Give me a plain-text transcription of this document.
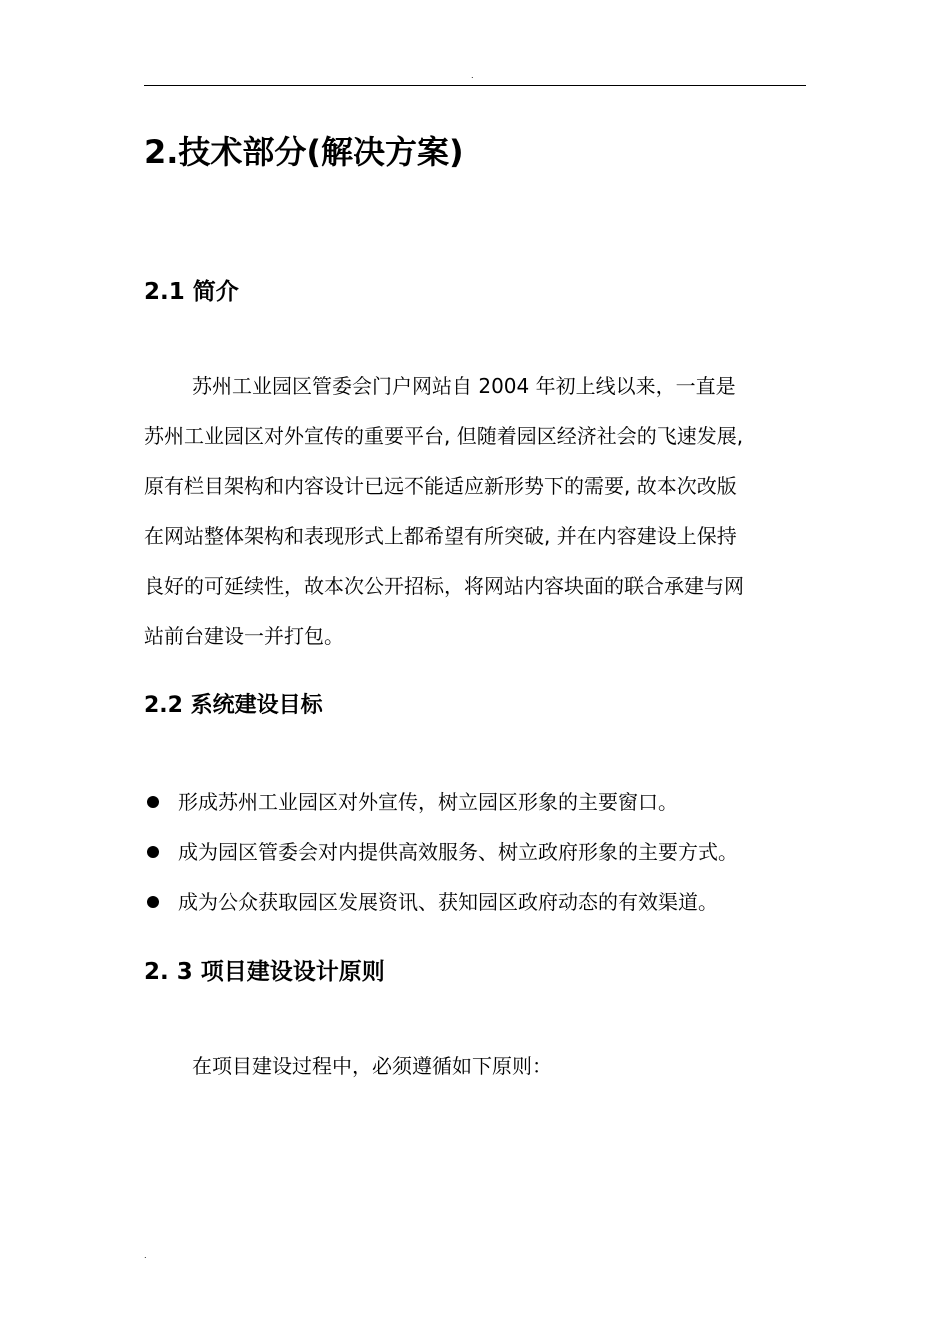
.
2.技术部分(解决方案)
2.1 简介
苏州工业园区管委会门户网站自 2004 年初上线以来，一直是
苏州工业园区对外宣传的重要平台, 但随着园区经济社会的飞速发展,
原有栏目架构和内容设计已远不能适应新形势下的需要, 故本次改版
在网站整体架构和表现形式上都希望有所突破, 并在内容建设上保持
良好的可延续性，故本次公开招标，将网站内容块面的联合承建与网
站前台建设一并打包。
2.2 系统建设目标
形成苏州工业园区对外宣传，树立园区形象的主要窗口。
成为园区管委会对内提供高效服务、树立政府形象的主要方式。
成为公众获取园区发展资讯、获知园区政府动态的有效渠道。
2. 3 项目建设设计原则
在项目建设过程中，必须遵循如下原则：
.
